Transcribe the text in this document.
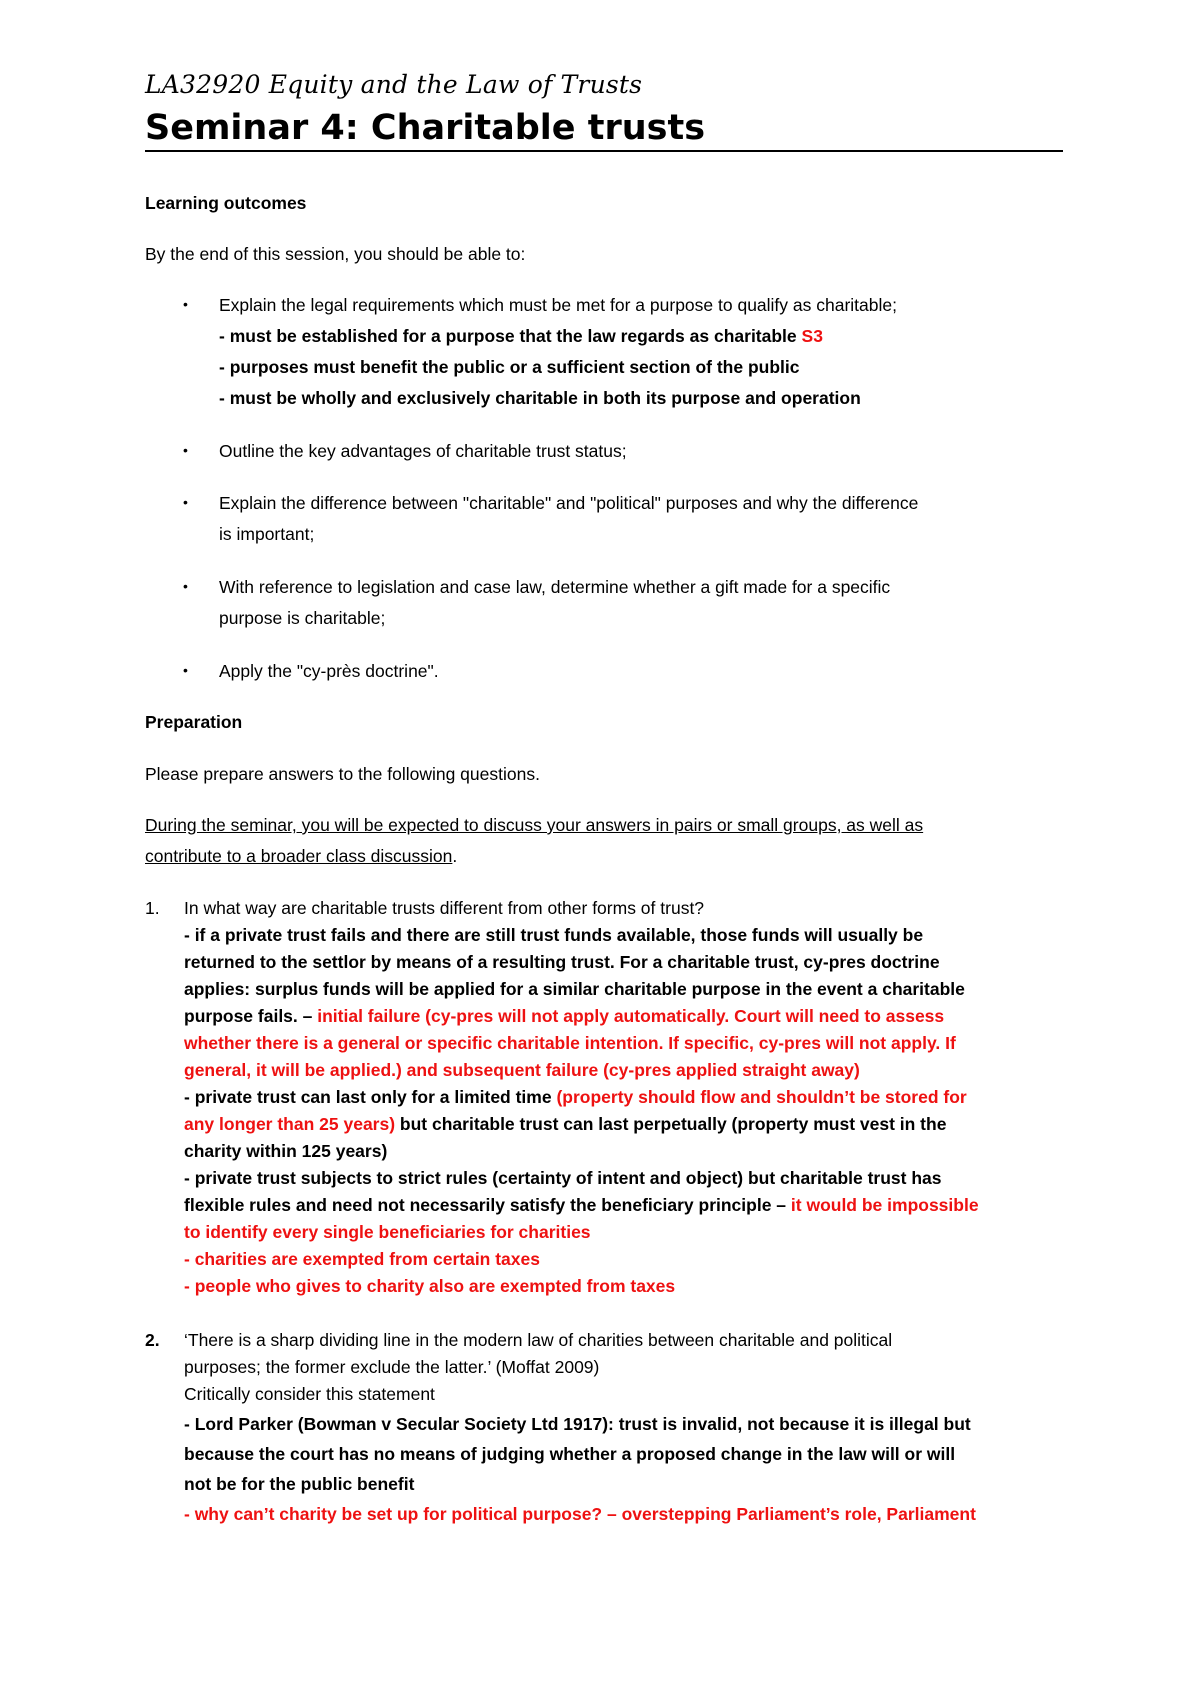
LA32920 Equity and the Law of Trusts
Seminar 4: Charitable trusts
Learning outcomes
By the end of this session, you should be able to:
• Explain the legal requirements which must be met for a purpose to qualify as charitable;
- must be established for a purpose that the law regards as charitable S3
- purposes must benefit the public or a sufficient section of the public
- must be wholly and exclusively charitable in both its purpose and operation
• Outline the key advantages of charitable trust status;
• Explain the difference between "charitable" and "political" purposes and why the difference
is important;
• With reference to legislation and case law, determine whether a gift made for a specific
purpose is charitable;
• Apply the "cy-près doctrine".
Preparation
Please prepare answers to the following questions.
During the seminar, you will be expected to discuss your answers in pairs or small groups, as well as
contribute to a broader class discussion.
1. In what way are charitable trusts different from other forms of trust?
- if a private trust fails and there are still trust funds available, those funds will usually be
returned to the settlor by means of a resulting trust. For a charitable trust, cy-pres doctrine
applies: surplus funds will be applied for a similar charitable purpose in the event a charitable
purpose fails. – initial failure (cy-pres will not apply automatically. Court will need to assess
whether there is a general or specific charitable intention. If specific, cy-pres will not apply. If
general, it will be applied.) and subsequent failure (cy-pres applied straight away)
- private trust can last only for a limited time (property should flow and shouldn’t be stored for
any longer than 25 years) but charitable trust can last perpetually (property must vest in the
charity within 125 years)
- private trust subjects to strict rules (certainty of intent and object) but charitable trust has
flexible rules and need not necessarily satisfy the beneficiary principle – it would be impossible
to identify every single beneficiaries for charities
- charities are exempted from certain taxes
- people who gives to charity also are exempted from taxes
2. ‘There is a sharp dividing line in the modern law of charities between charitable and political
purposes; the former exclude the latter.’ (Moffat 2009)
Critically consider this statement
- Lord Parker (Bowman v Secular Society Ltd 1917): trust is invalid, not because it is illegal but
because the court has no means of judging whether a proposed change in the law will or will
not be for the public benefit
- why can’t charity be set up for political purpose? – overstepping Parliament’s role, Parliament
